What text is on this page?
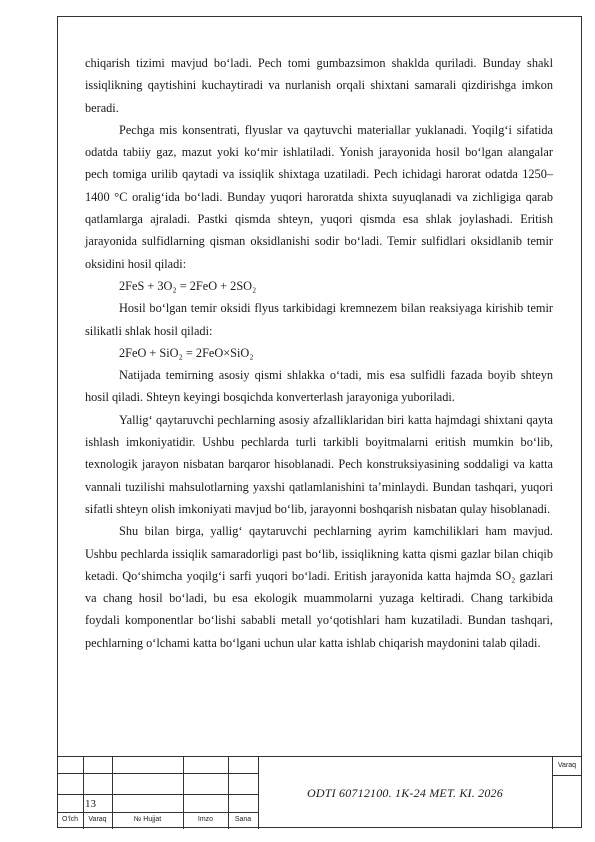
chiqarish tizimi mavjud bo‘ladi. Pech tomi gumbazsimon shaklda quriladi. Bunday shakl issiqlikning qaytishini kuchaytiradi va nurlanish orqali shixtani samarali qizdirishga imkon beradi.

Pechga mis konsentrati, flyuslar va qaytuvchi materiallar yuklanadi. Yoqilg‘i sifatida odatda tabiiy gaz, mazut yoki ko‘mir ishlatiladi. Yonish jarayonida hosil bo‘lgan alangalar pech tomiga urilib qaytadi va issiqlik shixtaga uzatiladi. Pech ichidagi harorat odatda 1250–1400 °C oralig‘ida bo‘ladi. Bunday yuqori haroratda shixta suyuqlanadi va zichligiga qarab qatlamlarga ajraladi. Pastki qismda shteyn, yuqori qismda esa shlak joylashadi. Eritish jarayonida sulfidlarning qisman oksidlanishi sodir bo‘ladi. Temir sulfidlari oksidlanib temir oksidini hosil qiladi:

2FeS + 3O₂ = 2FeO + 2SO₂

Hosil bo‘lgan temir oksidi flyus tarkibidagi kremnezem bilan reaksiyaga kirishib temir silikatli shlak hosil qiladi:

2FeO + SiO₂ = 2FeO×SiO₂

Natijada temirning asosiy qismi shlakka o‘tadi, mis esa sulfidli fazada boyib shteyn hosil qiladi. Shteyn keyingi bosqichda konverterlash jarayoniga yuboriladi.

Yallig‘ qaytaruvchi pechlarning asosiy afzalliklaridan biri katta hajmdagi shixtani qayta ishlash imkoniyatidir. Ushbu pechlarda turli tarkibli boyitmalarni eritish mumkin bo‘lib, texnologik jarayon nisbatan barqaror hisoblanadi. Pech konstruksiyasining soddaligi va katta vannali tuzilishi mahsulotlarning yaxshi qatlamlanishini ta’minlaydi. Bundan tashqari, yuqori sifatli shteyn olish imkoniyati mavjud bo‘lib, jarayonni boshqarish nisbatan qulay hisoblanadi.

Shu bilan birga, yallig‘ qaytaruvchi pechlarning ayrim kamchiliklari ham mavjud. Ushbu pechlarda issiqlik samaradorligi past bo‘lib, issiqlikning katta qismi gazlar bilan chiqib ketadi. Qo‘shimcha yoqilg‘i sarfi yuqori bo‘ladi. Eritish jarayonida katta hajmda SO₂ gazlari va chang hosil bo‘ladi, bu esa ekologik muammolarni yuzaga keltiradi. Chang tarkibida foydali komponentlar bo‘lishi sababli metall yo‘qotishlari ham kuzatiladi. Bundan tashqari, pechlarning o‘lchami katta bo‘lgani uchun ular katta ishlab chiqarish maydonini talab qiladi.

13
O‘lch	Varaq	№ Hujjat	Imzo	Sana
ODTI 60712100. 1K-24 MET. KI. 2026
Varaq
